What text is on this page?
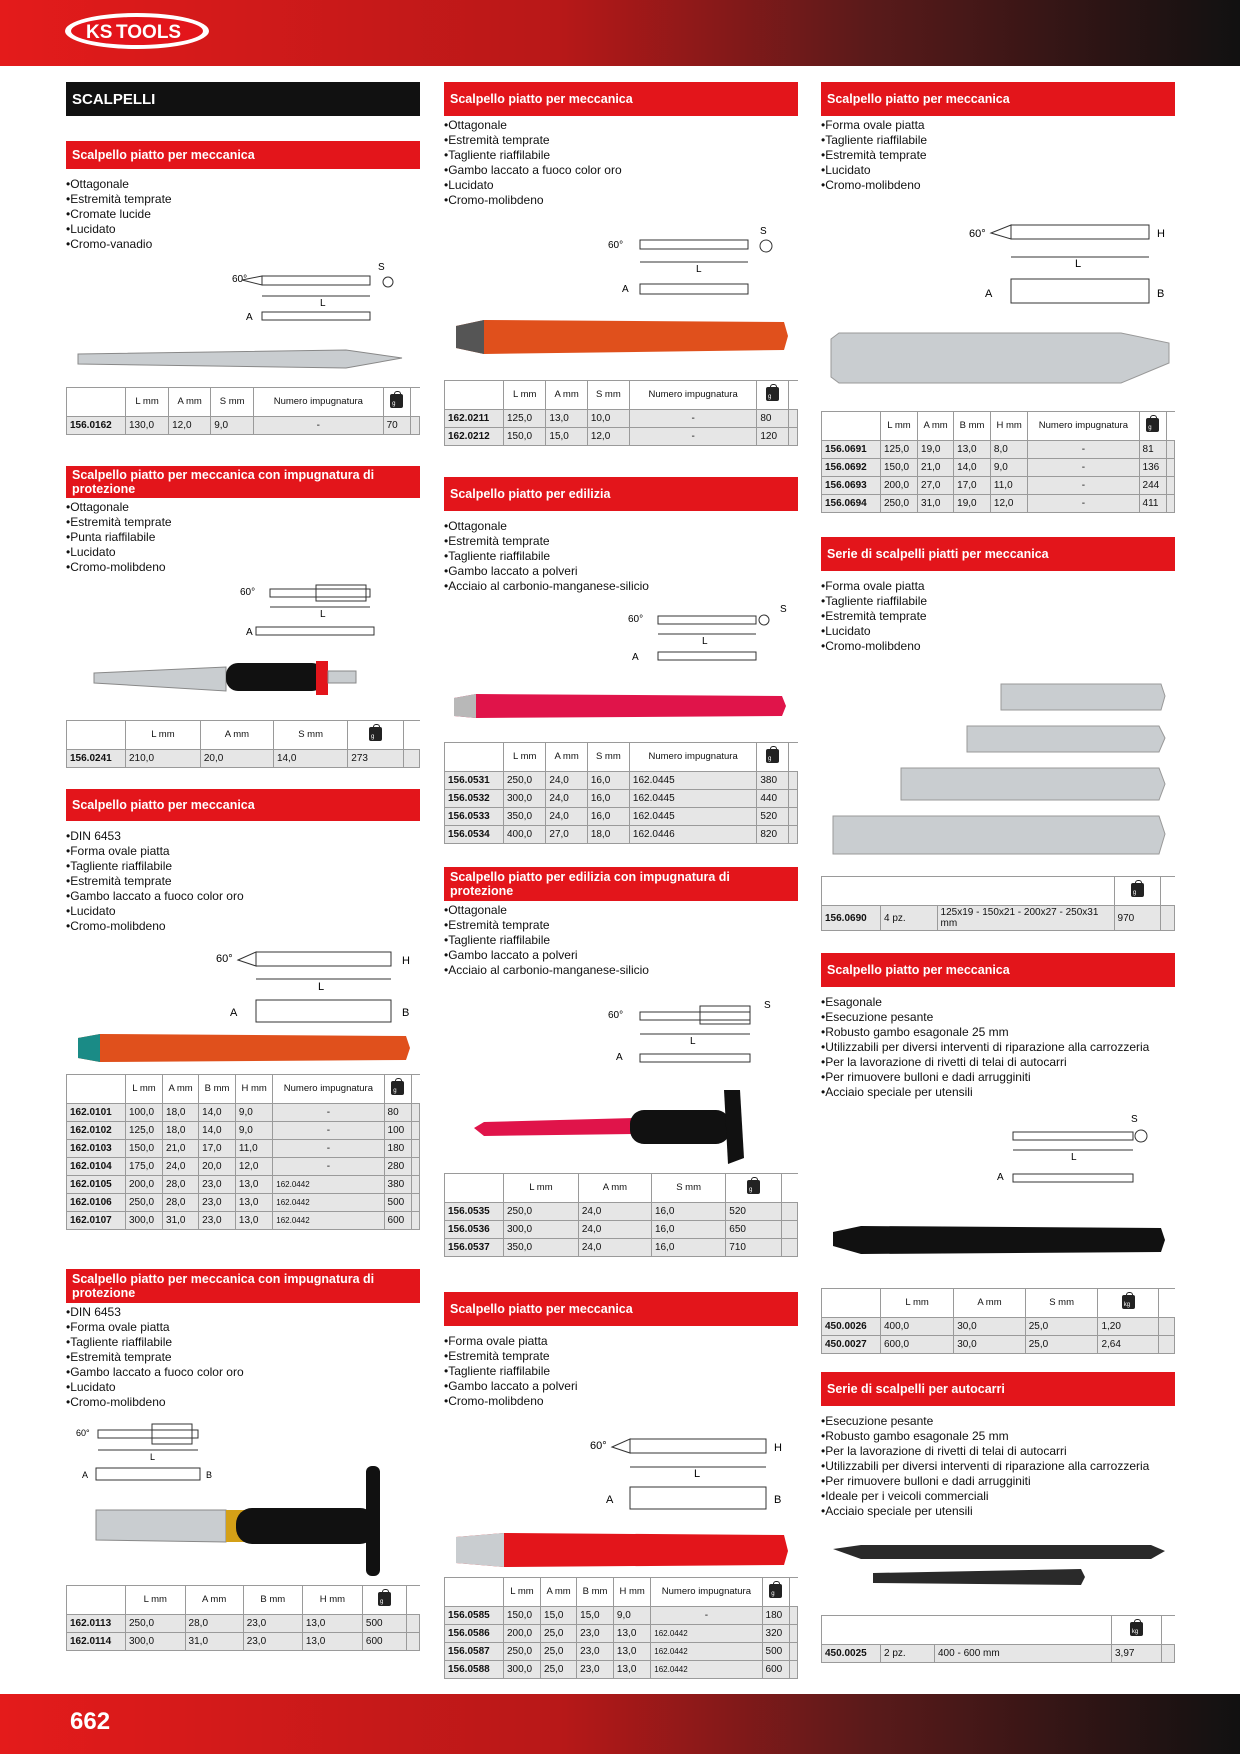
KS TOOLS
SCALPELLI
Scalpello piatto per meccanica
• Ottagonale
• Estremità temprate
• Cromate lucide
• Lucidato
• Cromo-vanadio
60°
L
S
A
	L mm	A mm	S mm	Numero impugnatura	g	

156.0162	130,0	12,0	9,0	-	70	
Scalpello piatto per meccanica con impugnatura di protezione
• Ottagonale
• Estremità temprate
• Punta riaffilabile
• Lucidato
• Cromo-molibdeno
60°
L
A
	L mm	A mm	S mm	g	

156.0241	210,0	20,0	14,0	273	
Scalpello piatto per meccanica
• DIN 6453
• Forma ovale piatta
• Tagliente riaffilabile
• Estremità temprate
• Gambo laccato a fuoco color oro
• Lucidato
• Cromo-molibdeno
60°
L
H
A	B
	L mm	A mm	B mm	H mm	Numero impugnatura	g	

162.0101	100,0	18,0	14,0	9,0	-	80	
162.0102	125,0	18,0	14,0	9,0	-	100	
162.0103	150,0	21,0	17,0	11,0	-	180	
162.0104	175,0	24,0	20,0	12,0	-	280	
162.0105	200,0	28,0	23,0	13,0	162.0442	380	
162.0106	250,0	28,0	23,0	13,0	162.0442	500	
162.0107	300,0	31,0	23,0	13,0	162.0442	600	
Scalpello piatto per meccanica con impugnatura di protezione
• DIN 6453
• Forma ovale piatta
• Tagliente riaffilabile
• Estremità temprate
• Gambo laccato a fuoco color oro
• Lucidato
• Cromo-molibdeno
60°
L
A	B
	L mm	A mm	B mm	H mm	g	

162.0113	250,0	28,0	23,0	13,0	500	
162.0114	300,0	31,0	23,0	13,0	600	
Scalpello piatto per meccanica
• Ottagonale
• Estremità temprate
• Tagliente riaffilabile
• Gambo laccato a fuoco color oro
• Lucidato
• Cromo-molibdeno
60°
L
S
A
	L mm	A mm	S mm	Numero impugnatura	g	

162.0211	125,0	13,0	10,0	-	80	
162.0212	150,0	15,0	12,0	-	120	
Scalpello piatto per edilizia
• Ottagonale
• Estremità temprate
• Tagliente riaffilabile
• Gambo laccato a polveri
• Acciaio al carbonio-manganese-silicio
60°
L
S
A
	L mm	A mm	S mm	Numero impugnatura	g	

156.0531	250,0	24,0	16,0	162.0445	380	
156.0532	300,0	24,0	16,0	162.0445	440	
156.0533	350,0	24,0	16,0	162.0445	520	
156.0534	400,0	27,0	18,0	162.0446	820	
Scalpello piatto per edilizia con impugnatura di protezione
• Ottagonale
• Estremità temprate
• Tagliente riaffilabile
• Gambo laccato a polveri
• Acciaio al carbonio-manganese-silicio
60°
L
S
A
	L mm	A mm	S mm	g	

156.0535	250,0	24,0	16,0	520	
156.0536	300,0	24,0	16,0	650	
156.0537	350,0	24,0	16,0	710	
Scalpello piatto per meccanica
• Forma ovale piatta
• Estremità temprate
• Tagliente riaffilabile
• Gambo laccato a polveri
• Cromo-molibdeno
60°
L
H
A	B
	L mm	A mm	B mm	H mm	Numero impugnatura	g	

156.0585	150,0	15,0	15,0	9,0	-	180	
156.0586	200,0	25,0	23,0	13,0	162.0442	320	
156.0587	250,0	25,0	23,0	13,0	162.0442	500	
156.0588	300,0	25,0	23,0	13,0	162.0442	600	
Scalpello piatto per meccanica
• Forma ovale piatta
• Tagliente riaffilabile
• Estremità temprate
• Lucidato
• Cromo-molibdeno
60°
L
H
A	B
	L mm	A mm	B mm	H mm	Numero impugnatura	g	

156.0691	125,0	19,0	13,0	8,0	-	81	
156.0692	150,0	21,0	14,0	9,0	-	136	
156.0693	200,0	27,0	17,0	11,0	-	244	
156.0694	250,0	31,0	19,0	12,0	-	411	
Serie di scalpelli piatti per meccanica
• Forma ovale piatta
• Tagliente riaffilabile
• Estremità temprate
• Lucidato
• Cromo-molibdeno

			g	

156.0690	4 pz.	125x19 - 150x21 - 200x27 - 250x31 mm	970	
Scalpello piatto per meccanica
• Esagonale
• Esecuzione pesante
• Robusto gambo esagonale 25 mm
• Utilizzabili per diversi interventi di riparazione alla carrozzeria
• Per la lavorazione di rivetti di telai di autocarri
• Per rimuovere bulloni e dadi arrugginiti
• Acciaio speciale per utensili
S
L
A
	L mm	A mm	S mm	kg	

450.0026	400,0	30,0	25,0	1,20	
450.0027	600,0	30,0	25,0	2,64	
Serie di scalpelli per autocarri
• Esecuzione pesante
• Robusto gambo esagonale 25 mm
• Per la lavorazione di rivetti di telai di autocarri
• Utilizzabili per diversi interventi di riparazione alla carrozzeria
• Per rimuovere bulloni e dadi arrugginiti
• Ideale per i veicoli commerciali
• Acciaio speciale per utensili

			kg	

450.0025	2 pz.	400 - 600 mm	3,97	
662
